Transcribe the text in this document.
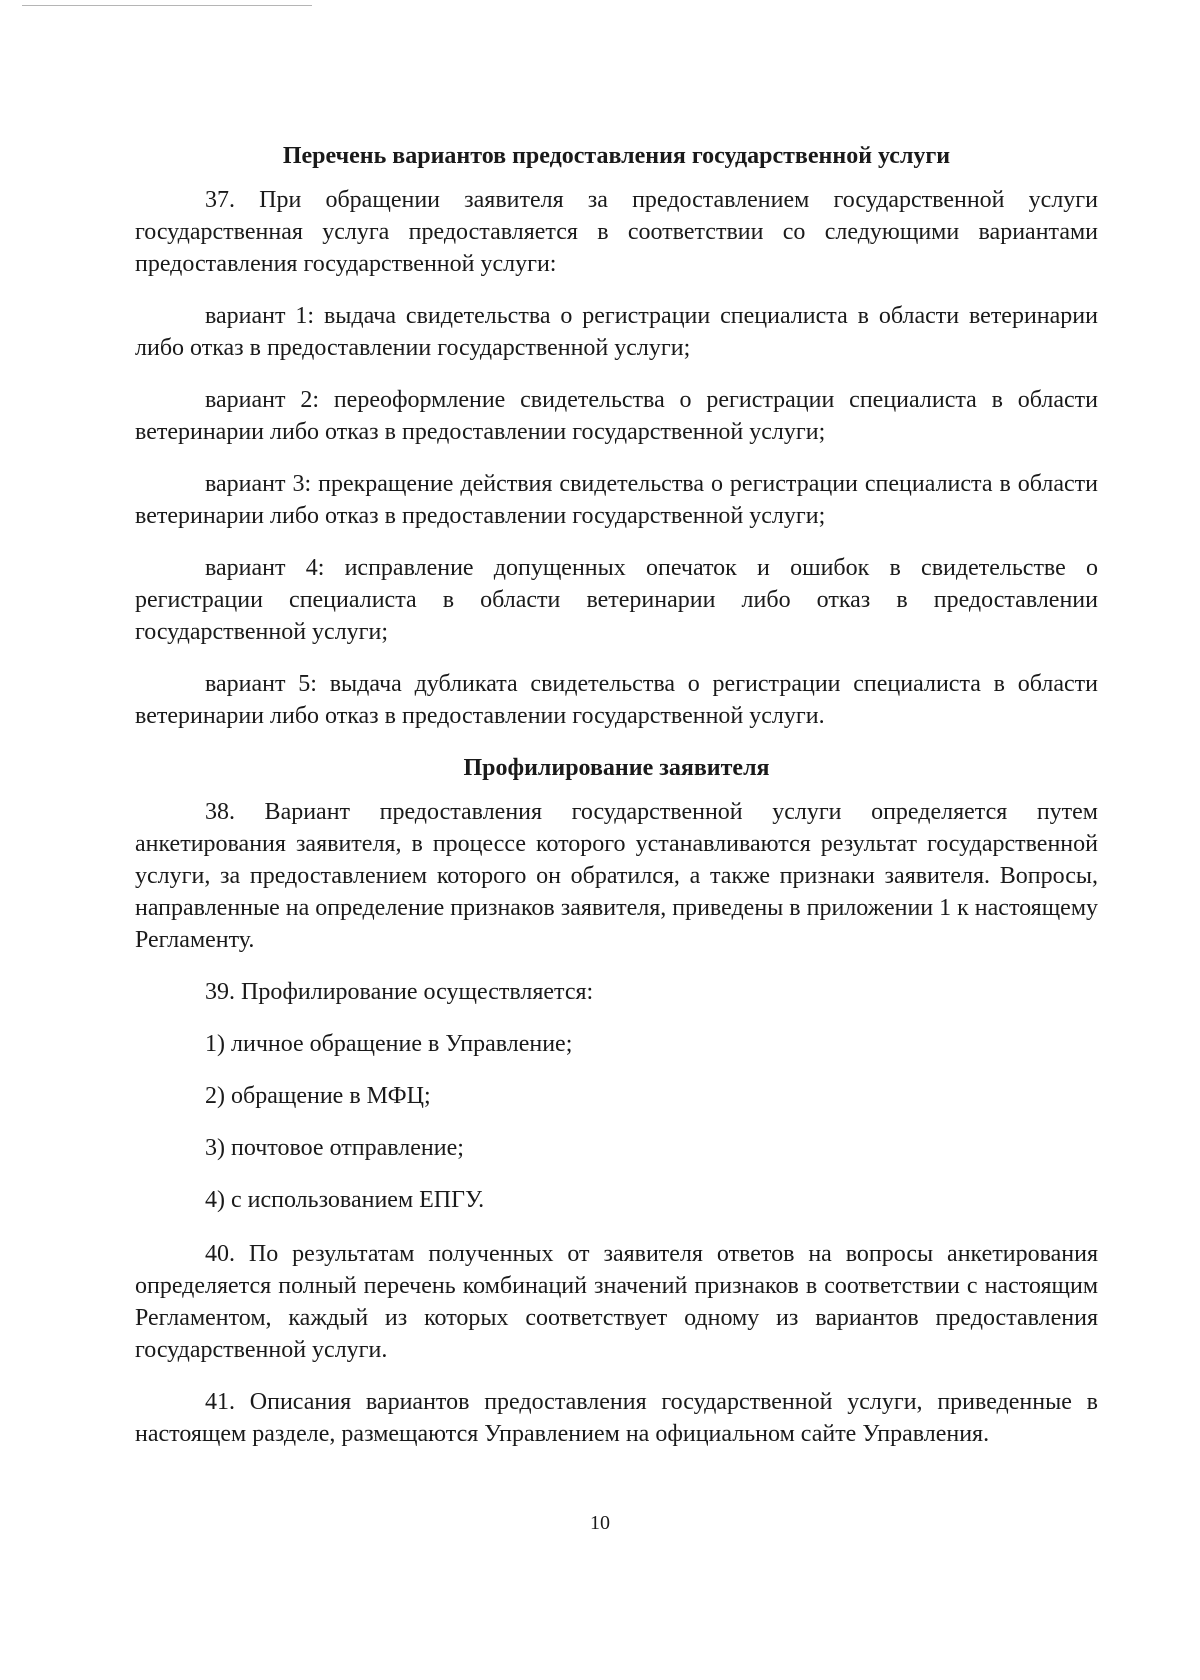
Перечень вариантов предоставления государственной услуги

37. При обращении заявителя за предоставлением государственной услуги государственная услуга предоставляется в соответствии со следующими вариантами предоставления государственной услуги:

вариант 1: выдача свидетельства о регистрации специалиста в области ветеринарии либо отказ в предоставлении государственной услуги;

вариант 2: переоформление свидетельства о регистрации специалиста в области ветеринарии либо отказ в предоставлении государственной услуги;

вариант 3: прекращение действия свидетельства о регистрации специалиста в области ветеринарии либо отказ в предоставлении государственной услуги;

вариант 4: исправление допущенных опечаток и ошибок в свидетельстве о регистрации специалиста в области ветеринарии либо отказ в предоставлении государственной услуги;

вариант 5: выдача дубликата свидетельства о регистрации специалиста в области ветеринарии либо отказ в предоставлении государственной услуги.

Профилирование заявителя

38. Вариант предоставления государственной услуги определяется путем анкетирования заявителя, в процессе которого устанавливаются результат государственной услуги, за предоставлением которого он обратился, а также признаки заявителя. Вопросы, направленные на определение признаков заявителя, приведены в приложении 1 к настоящему Регламенту.

39. Профилирование осуществляется:

1) личное обращение в Управление;

2) обращение в МФЦ;

3) почтовое отправление;

4) с использованием ЕПГУ.

40. По результатам полученных от заявителя ответов на вопросы анкетирования определяется полный перечень комбинаций значений признаков в соответствии с настоящим Регламентом, каждый из которых соответствует одному из вариантов предоставления государственной услуги.

41. Описания вариантов предоставления государственной услуги, приведенные в настоящем разделе, размещаются Управлением на официальном сайте Управления.

10
